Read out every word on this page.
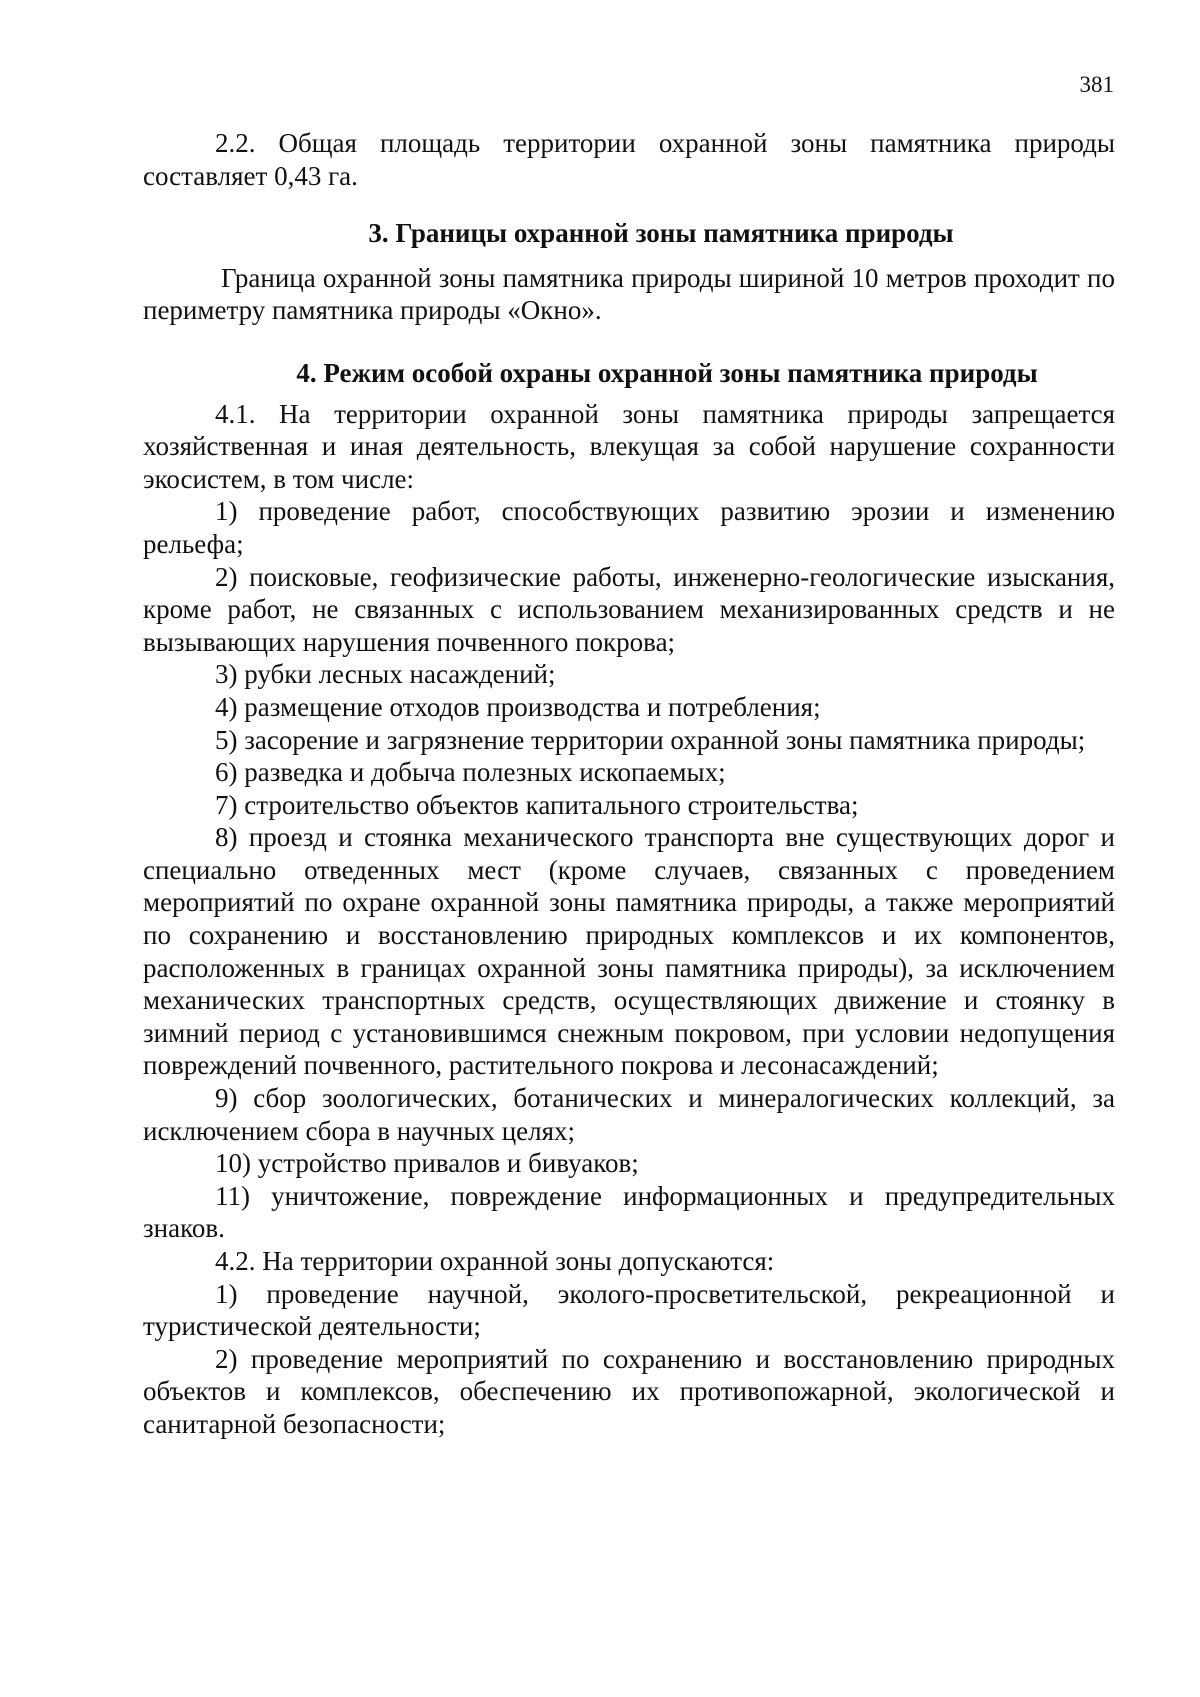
381

2.2. Общая площадь территории охранной зоны памятника природы составляет 0,43 га.

3. Границы охранной зоны памятника природы

Граница охранной зоны памятника природы шириной 10 метров проходит по периметру памятника природы «Окно».

4. Режим особой охраны охранной зоны памятника природы

4.1. На территории охранной зоны памятника природы запрещается хозяйственная и иная деятельность, влекущая за собой нарушение сохранности экосистем, в том числе:

1) проведение работ, способствующих развитию эрозии и изменению рельефа;

2) поисковые, геофизические работы, инженерно-геологические изыскания, кроме работ, не связанных с использованием механизированных средств и не вызывающих нарушения почвенного покрова;

3) рубки лесных насаждений;

4) размещение отходов производства и потребления;

5) засорение и загрязнение территории охранной зоны памятника природы;

6) разведка и добыча полезных ископаемых;

7) строительство объектов капитального строительства;

8) проезд и стоянка механического транспорта вне существующих дорог и специально отведенных мест (кроме случаев, связанных с проведением мероприятий по охране охранной зоны памятника природы, а также мероприятий по сохранению и восстановлению природных комплексов и их компонентов, расположенных в границах охранной зоны памятника природы), за исключением механических транспортных средств, осуществляющих движение и стоянку в зимний период с установившимся снежным покровом, при условии недопущения повреждений почвенного, растительного покрова и лесонасаждений;

9) сбор зоологических, ботанических и минералогических коллекций, за исключением сбора в научных целях;

10) устройство привалов и бивуаков;

11) уничтожение, повреждение информационных и предупредительных знаков.

4.2. На территории охранной зоны допускаются:

1) проведение научной, эколого-просветительской, рекреационной и туристической деятельности;

2) проведение мероприятий по сохранению и восстановлению природных объектов и комплексов, обеспечению их противопожарной, экологической и санитарной безопасности;
